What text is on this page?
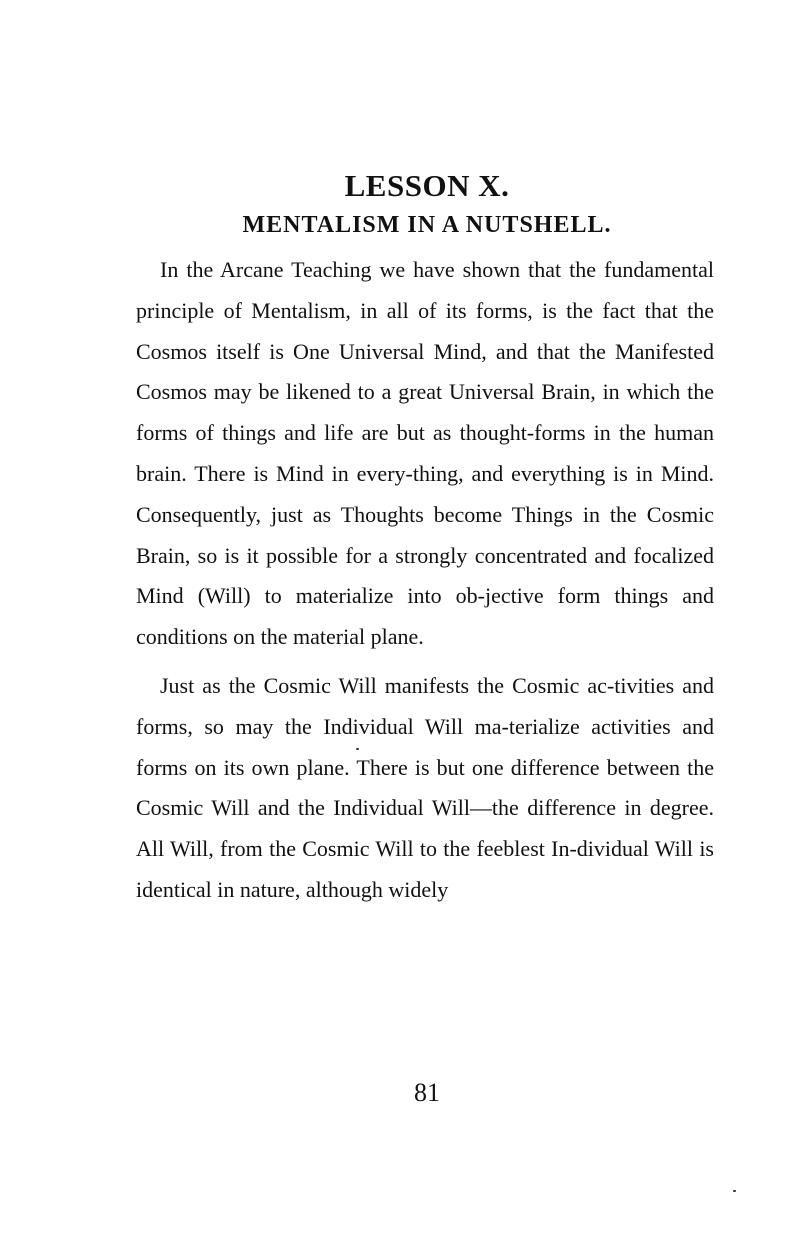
LESSON X.
MENTALISM IN A NUTSHELL.

In the Arcane Teaching we have shown that the fundamental principle of Mentalism, in all of its forms, is the fact that the Cosmos itself is One Universal Mind, and that the Manifested Cosmos may be likened to a great Universal Brain, in which the forms of things and life are but as thought-forms in the human brain. There is Mind in every-thing, and everything is in Mind. Consequently, just as Thoughts become Things in the Cosmic Brain, so is it possible for a strongly concentrated and focalized Mind (Will) to materialize into ob-jective form things and conditions on the material plane.

Just as the Cosmic Will manifests the Cosmic ac-tivities and forms, so may the Individual Will ma-terialize activities and forms on its own plane. There is but one difference between the Cosmic Will and the Individual Will—the difference in degree. All Will, from the Cosmic Will to the feeblest In-dividual Will is identical in nature, although widely

81
